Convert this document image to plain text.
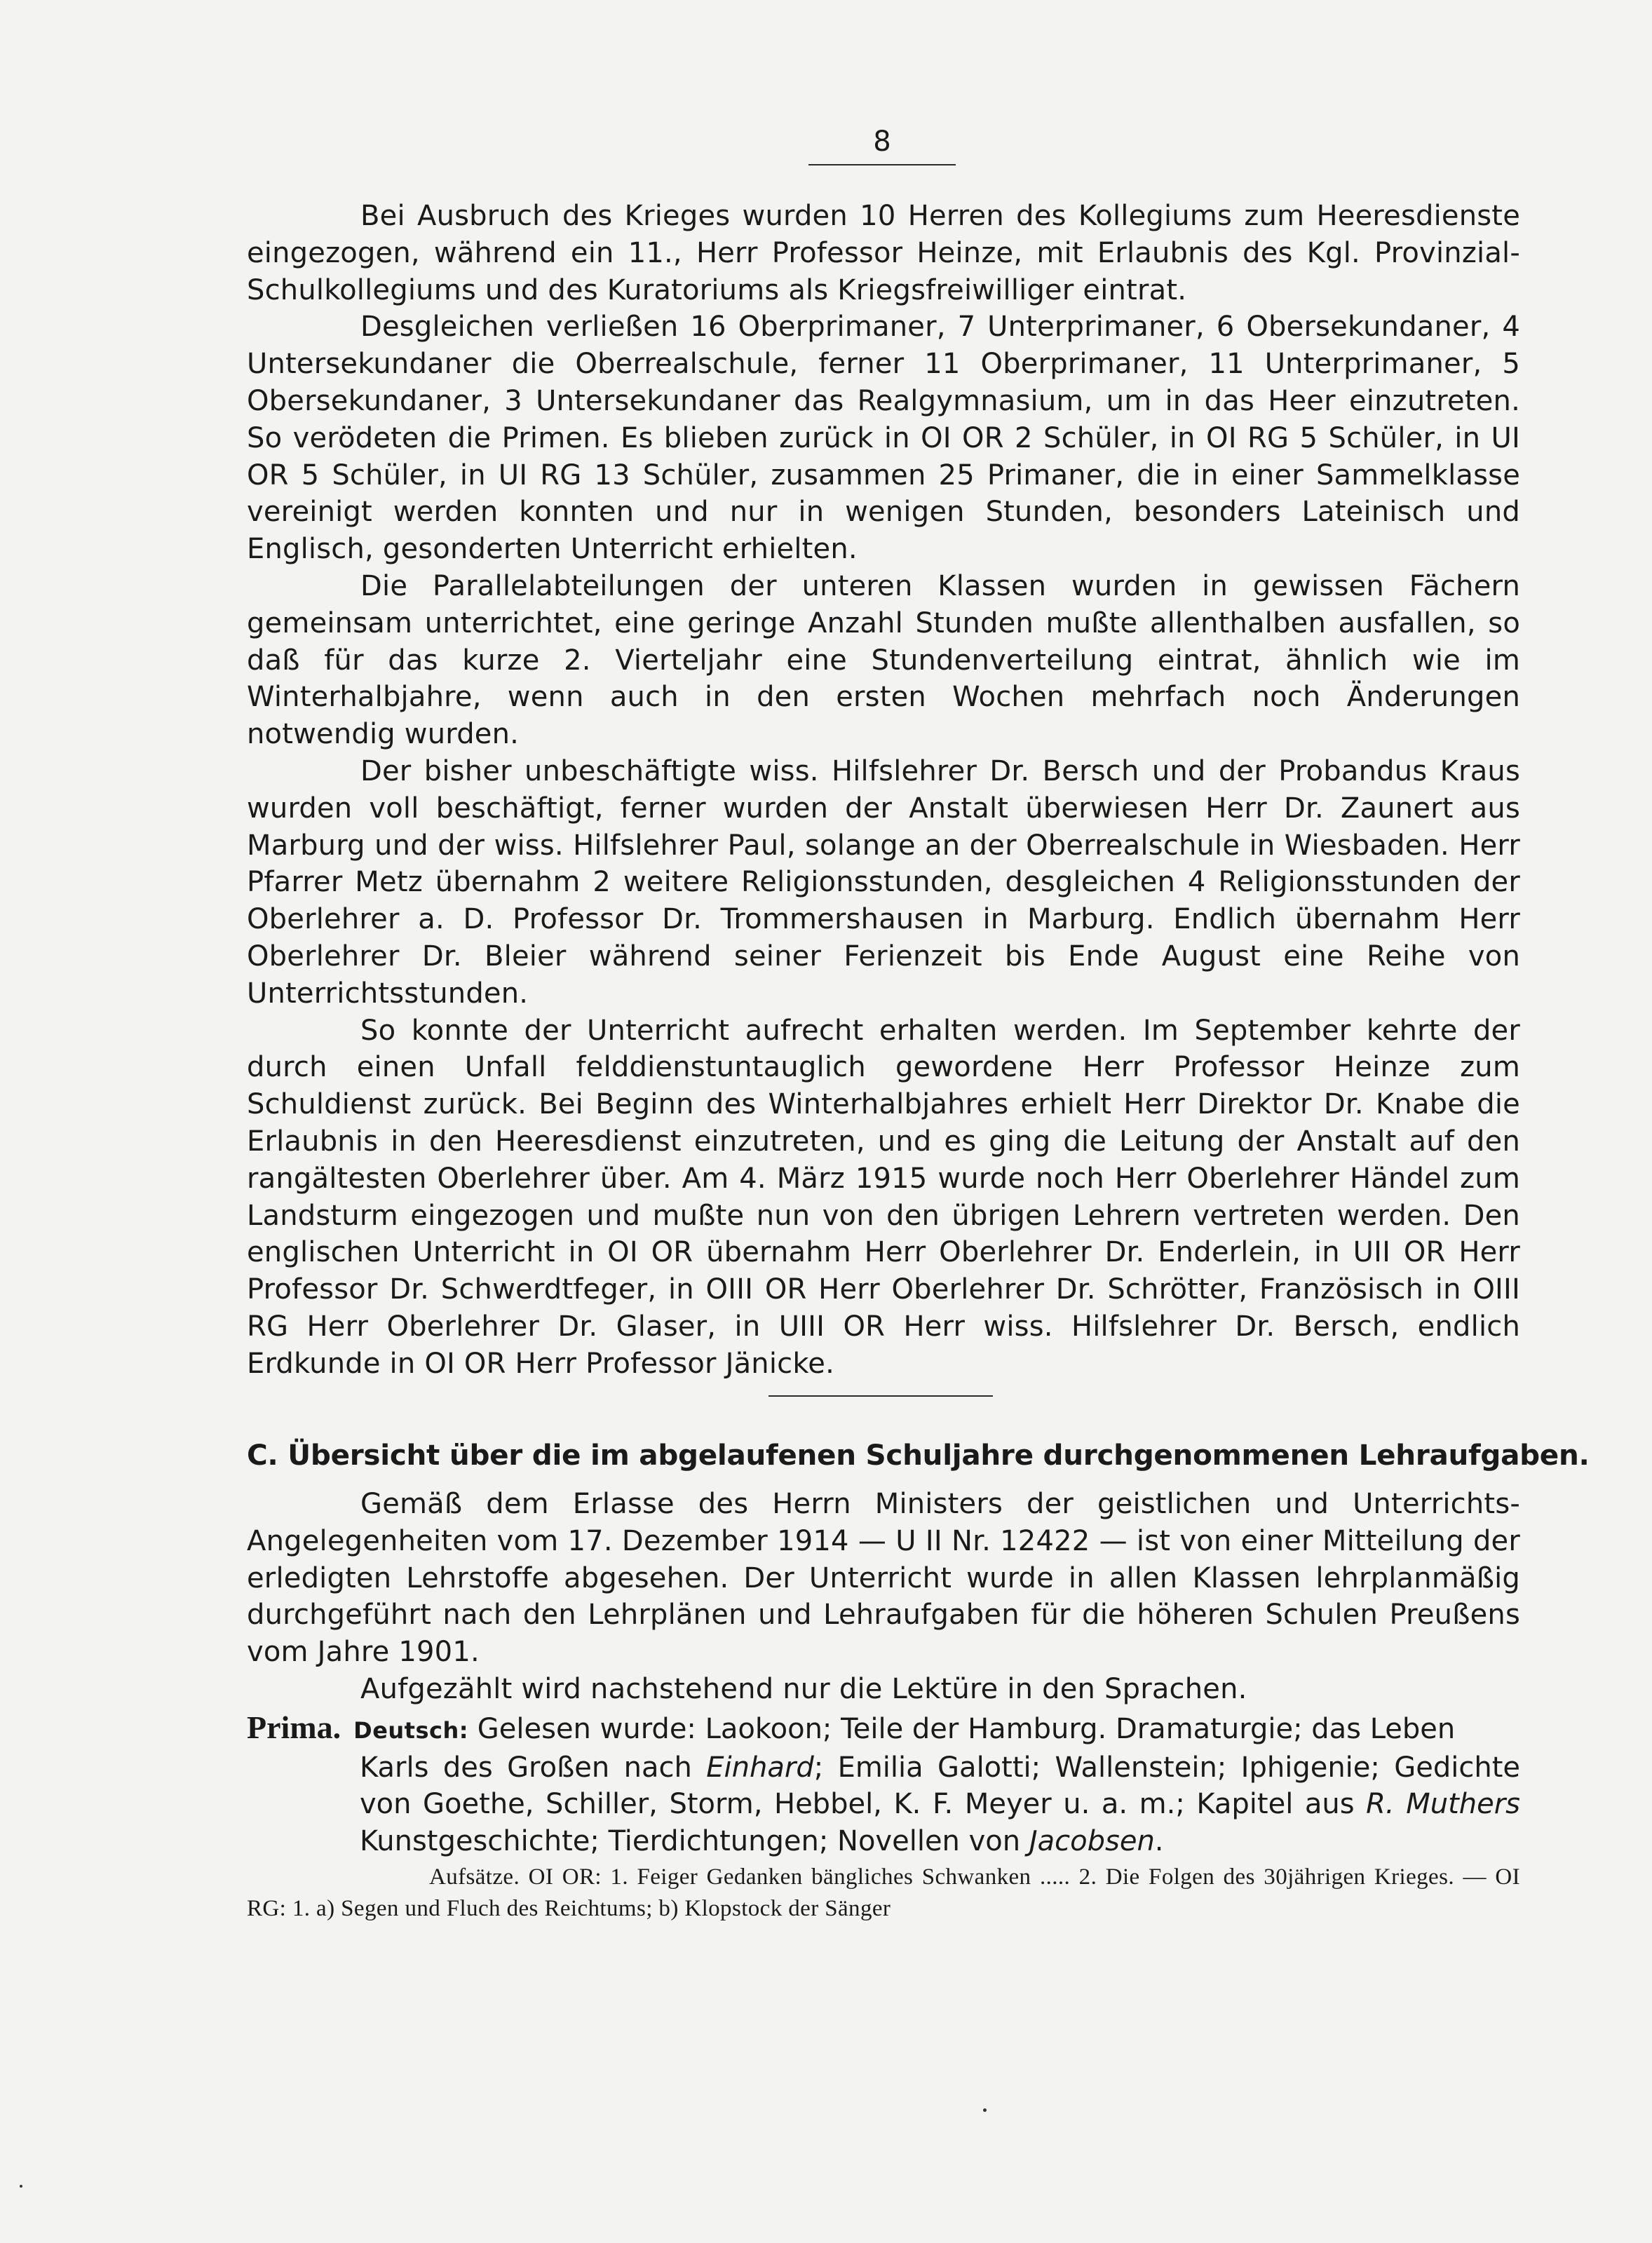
8

Bei Ausbruch des Krieges wurden 10 Herren des Kollegiums zum Heeresdienste eingezogen, während ein 11., Herr Professor Heinze, mit Erlaubnis des Kgl. Provinzial-Schulkollegiums und des Kuratoriums als Kriegsfreiwilliger eintrat.

Desgleichen verließen 16 Oberprimaner, 7 Unterprimaner, 6 Obersekundaner, 4 Untersekundaner die Oberrealschule, ferner 11 Oberprimaner, 11 Unterprimaner, 5 Obersekundaner, 3 Untersekundaner das Realgymnasium, um in das Heer einzutreten. So verödeten die Primen. Es blieben zurück in OI OR 2 Schüler, in OI RG 5 Schüler, in UI OR 5 Schüler, in UI RG 13 Schüler, zusammen 25 Primaner, die in einer Sammelklasse vereinigt werden konnten und nur in wenigen Stunden, besonders Lateinisch und Englisch, gesonderten Unterricht erhielten.

Die Parallelabteilungen der unteren Klassen wurden in gewissen Fächern gemeinsam unterrichtet, eine geringe Anzahl Stunden mußte allenthalben ausfallen, so daß für das kurze 2. Vierteljahr eine Stundenverteilung eintrat, ähnlich wie im Winterhalbjahre, wenn auch in den ersten Wochen mehrfach noch Änderungen notwendig wurden.

Der bisher unbeschäftigte wiss. Hilfslehrer Dr. Bersch und der Probandus Kraus wurden voll beschäftigt, ferner wurden der Anstalt überwiesen Herr Dr. Zaunert aus Marburg und der wiss. Hilfslehrer Paul, solange an der Oberrealschule in Wiesbaden. Herr Pfarrer Metz übernahm 2 weitere Religionsstunden, desgleichen 4 Religionsstunden der Oberlehrer a. D. Professor Dr. Trommershausen in Marburg. Endlich übernahm Herr Oberlehrer Dr. Bleier während seiner Ferienzeit bis Ende August eine Reihe von Unterrichtsstunden.

So konnte der Unterricht aufrecht erhalten werden. Im September kehrte der durch einen Unfall felddienstuntauglich gewordene Herr Professor Heinze zum Schuldienst zurück. Bei Beginn des Winterhalbjahres erhielt Herr Direktor Dr. Knabe die Erlaubnis in den Heeresdienst einzutreten, und es ging die Leitung der Anstalt auf den rangältesten Oberlehrer über. Am 4. März 1915 wurde noch Herr Oberlehrer Händel zum Landsturm eingezogen und mußte nun von den übrigen Lehrern vertreten werden. Den englischen Unterricht in OI OR übernahm Herr Oberlehrer Dr. Enderlein, in UII OR Herr Professor Dr. Schwerdtfeger, in OIII OR Herr Oberlehrer Dr. Schrötter, Französisch in OIII RG Herr Oberlehrer Dr. Glaser, in UIII OR Herr wiss. Hilfslehrer Dr. Bersch, endlich Erdkunde in OI OR Herr Professor Jänicke.

C. Übersicht über die im abgelaufenen Schuljahre durchgenommenen Lehraufgaben.

Gemäß dem Erlasse des Herrn Ministers der geistlichen und Unterrichts-Angelegenheiten vom 17. Dezember 1914 — U II Nr. 12422 — ist von einer Mitteilung der erledigten Lehrstoffe abgesehen. Der Unterricht wurde in allen Klassen lehrplanmäßig durchgeführt nach den Lehrplänen und Lehraufgaben für die höheren Schulen Preußens vom Jahre 1901.

Aufgezählt wird nachstehend nur die Lektüre in den Sprachen.

Prima. Deutsch: Gelesen wurde: Laokoon; Teile der Hamburg. Dramaturgie; das Leben
Karls des Großen nach Einhard; Emilia Galotti; Wallenstein; Iphigenie; Gedichte von Goethe, Schiller, Storm, Hebbel, K. F. Meyer u. a. m.; Kapitel aus R. Muthers Kunstgeschichte; Tierdichtungen; Novellen von Jacobsen.

Aufsätze. OI OR: 1. Feiger Gedanken bängliches Schwanken ..... 2. Die Folgen des 30jährigen Krieges. — OI RG: 1. a) Segen und Fluch des Reichtums; b) Klopstock der Sänger
